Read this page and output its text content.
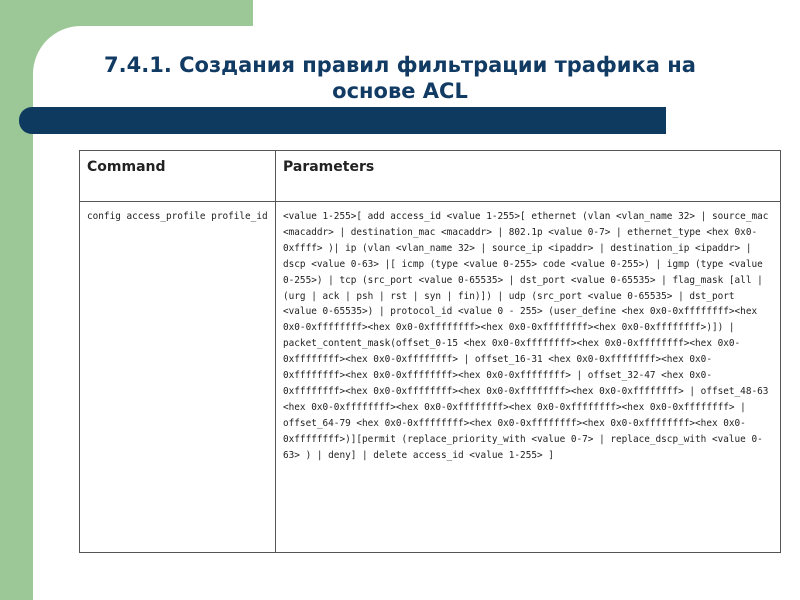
7.4.1. Создания правил фильтрации трафика на основе ACL
Command	Parameters

config access_profile profile_id	<value 1-255>[ add access_id <value 1-255>[ ethernet (vlan <vlan_name 32> | source_mac <macaddr> | destination_mac <macaddr> | 802.1p <value 0-7> | ethernet_type <hex 0x0-0xffff> )| ip (vlan <vlan_name 32> | source_ip <ipaddr> | destination_ip <ipaddr> | dscp <value 0-63> |[ icmp (type <value 0-255> code <value 0-255>) | igmp (type <value 0-255>) | tcp (src_port <value 0-65535> | dst_port <value 0-65535> | flag_mask [all | (urg | ack | psh | rst | syn | fin)]) | udp (src_port <value 0-65535> | dst_port <value 0-65535>) | protocol_id <value 0 - 255> (user_define <hex 0x0-0xffffffff><hex 0x0-0xffffffff><hex 0x0-0xffffffff><hex 0x0-0xffffffff><hex 0x0-0xffffffff>)]) | packet_content_mask(offset_0-15 <hex 0x0-0xffffffff><hex 0x0-0xffffffff><hex 0x0-0xffffffff><hex 0x0-0xffffffff> | offset_16-31 <hex 0x0-0xffffffff><hex 0x0-0xffffffff><hex 0x0-0xffffffff><hex 0x0-0xffffffff> | offset_32-47 <hex 0x0-0xffffffff><hex 0x0-0xffffffff><hex 0x0-0xffffffff><hex 0x0-0xffffffff> | offset_48-63 <hex 0x0-0xffffffff><hex 0x0-0xffffffff><hex 0x0-0xffffffff><hex 0x0-0xffffffff> | offset_64-79 <hex 0x0-0xffffffff><hex 0x0-0xffffffff><hex 0x0-0xffffffff><hex 0x0-0xffffffff>)][permit (replace_priority_with <value 0-7> | replace_dscp_with <value 0-63> ) | deny] | delete access_id <value 1-255> ]
